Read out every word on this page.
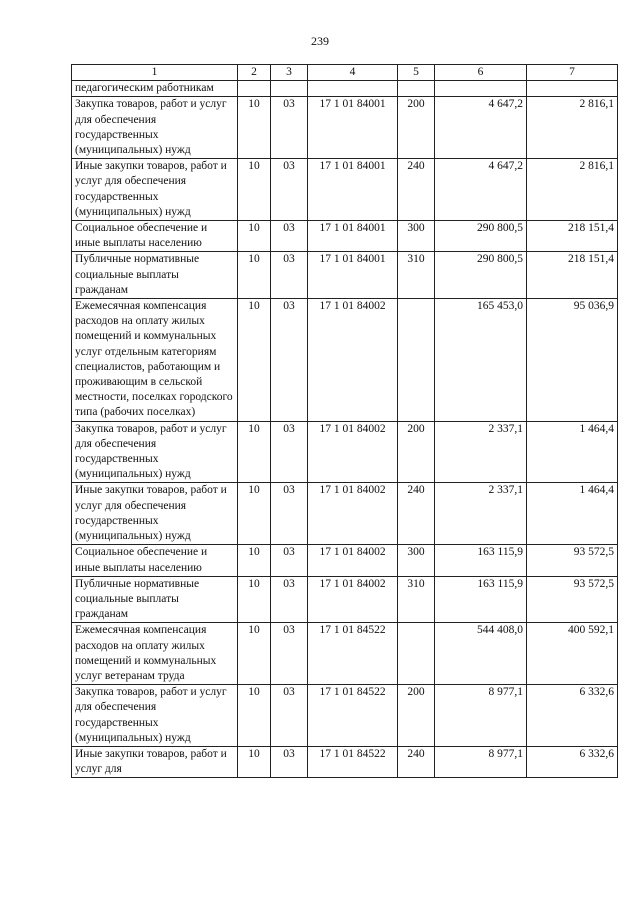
239
1	2	3	4	5	6	7
педагогическим работникам						
Закупка товаров, работ и услуг для обеспечения государственных (муниципальных) нужд	10	03	17 1 01 84001	200	4 647,2	2 816,1
Иные закупки товаров, работ и услуг для обеспечения государственных (муниципальных) нужд	10	03	17 1 01 84001	240	4 647,2	2 816,1
Социальное обеспечение и иные выплаты населению	10	03	17 1 01 84001	300	290 800,5	218 151,4
Публичные нормативные социальные выплаты гражданам	10	03	17 1 01 84001	310	290 800,5	218 151,4
Ежемесячная компенсация расходов на оплату жилых помещений и коммунальных услуг отдельным категориям специалистов, работающим и проживающим в сельской местности, поселках городского типа (рабочих поселках)	10	03	17 1 01 84002		165 453,0	95 036,9
Закупка товаров, работ и услуг для обеспечения государственных (муниципальных) нужд	10	03	17 1 01 84002	200	2 337,1	1 464,4
Иные закупки товаров, работ и услуг для обеспечения государственных (муниципальных) нужд	10	03	17 1 01 84002	240	2 337,1	1 464,4
Социальное обеспечение и иные выплаты населению	10	03	17 1 01 84002	300	163 115,9	93 572,5
Публичные нормативные социальные выплаты гражданам	10	03	17 1 01 84002	310	163 115,9	93 572,5
Ежемесячная компенсация расходов на оплату жилых помещений и коммунальных услуг ветеранам труда	10	03	17 1 01 84522		544 408,0	400 592,1
Закупка товаров, работ и услуг для обеспечения государственных (муниципальных) нужд	10	03	17 1 01 84522	200	8 977,1	6 332,6
Иные закупки товаров, работ и услуг для	10	03	17 1 01 84522	240	8 977,1	6 332,6
